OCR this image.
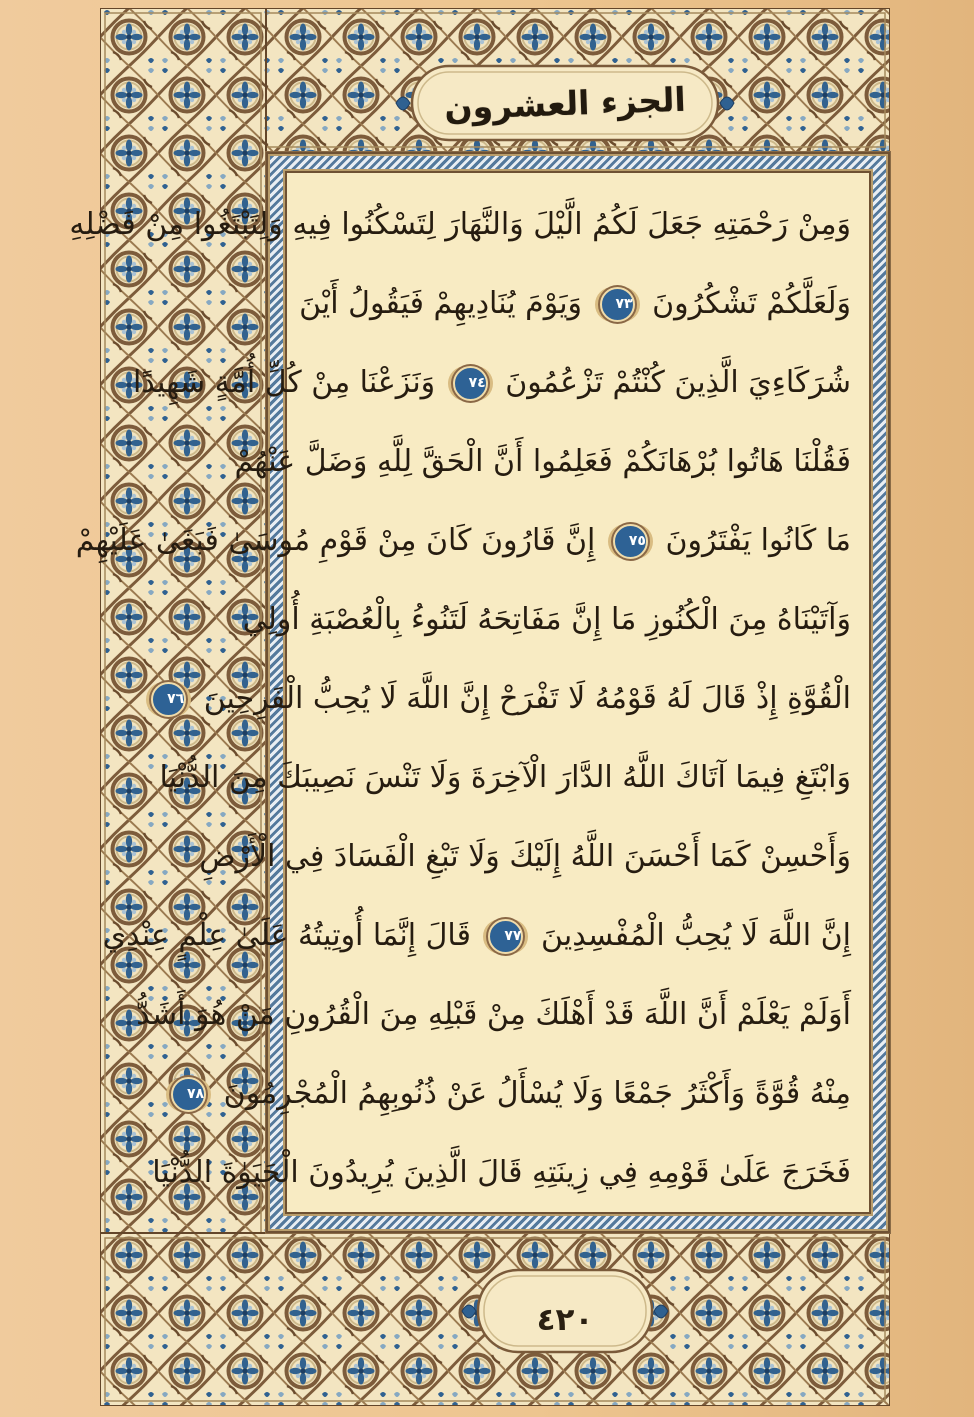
الجزء العشرون
وَمِنْ رَحْمَتِهِ جَعَلَ لَكُمُ الَّيْلَ وَالنَّهَارَ لِتَسْكُنُوا فِيهِ وَلِتَبْتَغُوا مِنْ فَضْلِهِ
وَلَعَلَّكُمْ تَشْكُرُونَ ٧٣ وَيَوْمَ يُنَادِيهِمْ فَيَقُولُ أَيْنَ
شُرَكَاءِيَ الَّذِينَ كُنْتُمْ تَزْعُمُونَ ٧٤ وَنَزَعْنَا مِنْ كُلِّ أُمَّةٍ شَهِيدًا
فَقُلْنَا هَاتُوا بُرْهَانَكُمْ فَعَلِمُوا أَنَّ الْحَقَّ لِلَّهِ وَضَلَّ عَنْهُمْ
مَا كَانُوا يَفْتَرُونَ ٧٥ إِنَّ قَارُونَ كَانَ مِنْ قَوْمِ مُوسَىٰ فَبَغَىٰ عَلَيْهِمْ
وَآتَيْنَاهُ مِنَ الْكُنُوزِ مَا إِنَّ مَفَاتِحَهُ لَتَنُوءُ بِالْعُصْبَةِ أُولِي
الْقُوَّةِ إِذْ قَالَ لَهُ قَوْمُهُ لَا تَفْرَحْ إِنَّ اللَّهَ لَا يُحِبُّ الْفَرِحِينَ ٧٦
وَابْتَغِ فِيمَا آتَاكَ اللَّهُ الدَّارَ الْآخِرَةَ وَلَا تَنْسَ نَصِيبَكَ مِنَ الدُّنْيَا
وَأَحْسِنْ كَمَا أَحْسَنَ اللَّهُ إِلَيْكَ وَلَا تَبْغِ الْفَسَادَ فِي الْأَرْضِ
إِنَّ اللَّهَ لَا يُحِبُّ الْمُفْسِدِينَ ٧٧ قَالَ إِنَّمَا أُوتِيتُهُ عَلَىٰ عِلْمٍ عِنْدِي
أَوَلَمْ يَعْلَمْ أَنَّ اللَّهَ قَدْ أَهْلَكَ مِنْ قَبْلِهِ مِنَ الْقُرُونِ مَنْ هُوَ أَشَدُّ
مِنْهُ قُوَّةً وَأَكْثَرُ جَمْعًا وَلَا يُسْأَلُ عَنْ ذُنُوبِهِمُ الْمُجْرِمُونَ ٧٨
فَخَرَجَ عَلَىٰ قَوْمِهِ فِي زِينَتِهِ قَالَ الَّذِينَ يُرِيدُونَ الْحَيَوٰةَ الدُّنْيَا
٤٢٠
